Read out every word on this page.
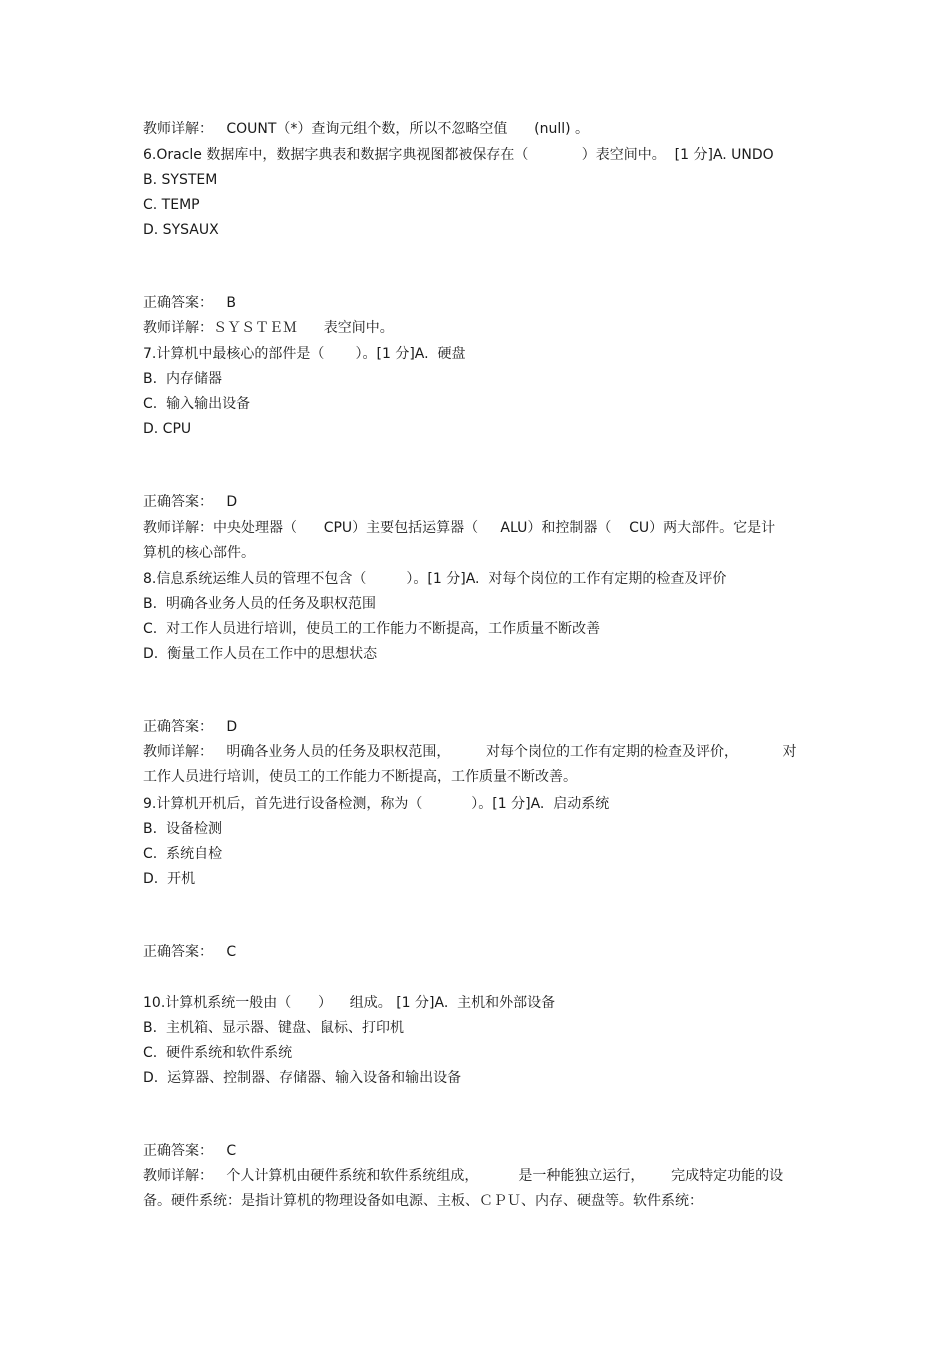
教师详解：   COUNT（*）查询元组个数，所以不忽略空值      (null) 。
6.Oracle 数据库中，数据字典表和数据字典视图都被保存在（            ）表空间中。  [1 分]A. UNDO
B. SYSTEM
C. TEMP
D. SYSAUX
正确答案：   B
教师详解：ＳＹＳＴＥＭ      表空间中。
7.计算机中最核心的部件是（       ）。[1 分]A.  硬盘
B.  内存储器
C.  输入输出设备
D. CPU
正确答案：   D
教师详解：中央处理器（      CPU）主要包括运算器（     ALU）和控制器（    CU）两大部件。它是计
算机的核心部件。
8.信息系统运维人员的管理不包含（         ）。[1 分]A.  对每个岗位的工作有定期的检查及评价
B.  明确各业务人员的任务及职权范围
C.  对工作人员进行培训，使员工的工作能力不断提高，工作质量不断改善
D.  衡量工作人员在工作中的思想状态
正确答案：   D
教师详解：   明确各业务人员的任务及职权范围，        对每个岗位的工作有定期的检查及评价，          对
工作人员进行培训，使员工的工作能力不断提高，工作质量不断改善。
9.计算机开机后，首先进行设备检测，称为（           ）。[1 分]A.  启动系统
B.  设备检测
C.  系统自检
D.  开机
正确答案：   C
10.计算机系统一般由（      ）    组成。 [1 分]A.  主机和外部设备
B.  主机箱、显示器、键盘、鼠标、打印机
C.  硬件系统和软件系统
D.  运算器、控制器、存储器、输入设备和输出设备
正确答案：   C
教师详解：   个人计算机由硬件系统和软件系统组成，         是一种能独立运行，      完成特定功能的设
备。硬件系统：是指计算机的物理设备如电源、主板、ＣＰＵ、内存、硬盘等。软件系统：
